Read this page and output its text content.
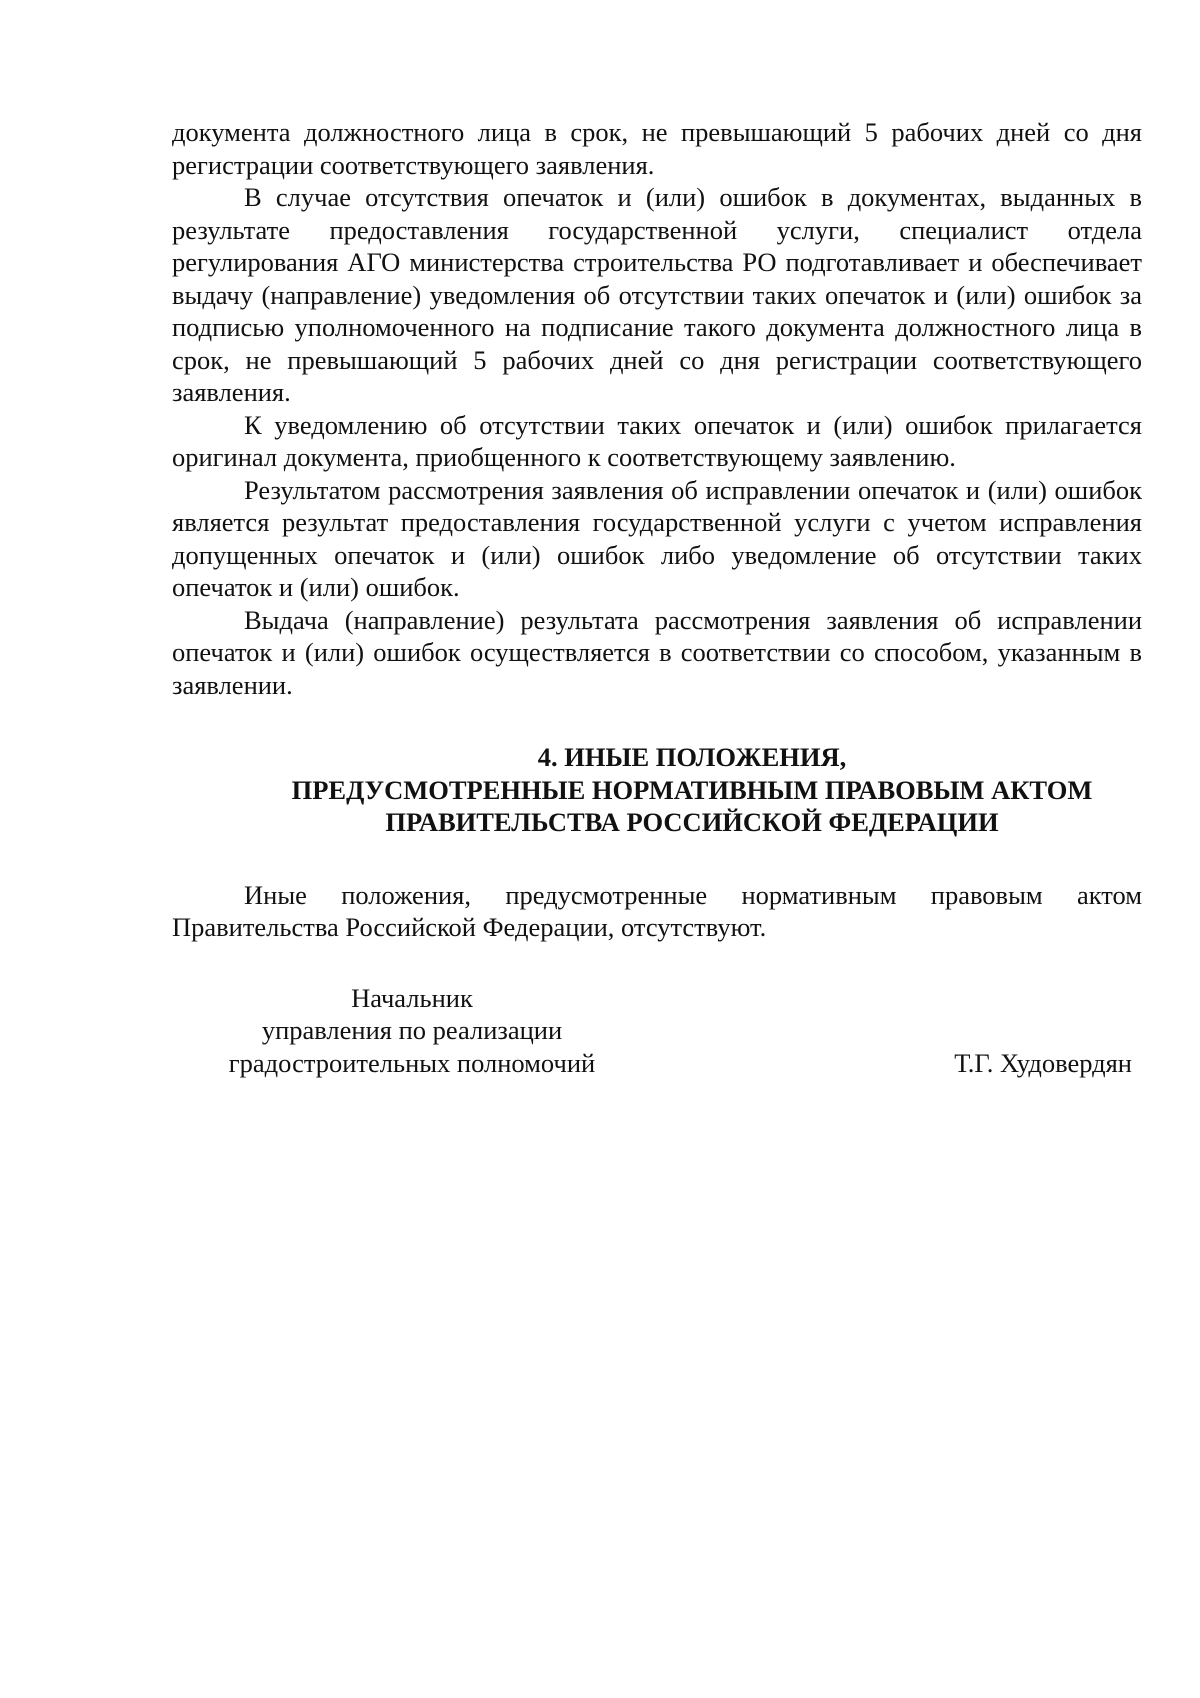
документа должностного лица в срок, не превышающий 5 рабочих дней со дня регистрации соответствующего заявления.

В случае отсутствия опечаток и (или) ошибок в документах, выданных в результате предоставления государственной услуги, специалист отдела регулирования АГО министерства строительства РО подготавливает и обеспечивает выдачу (направление) уведомления об отсутствии таких опечаток и (или) ошибок за подписью уполномоченного на подписание такого документа должностного лица в срок, не превышающий 5 рабочих дней со дня регистрации соответствующего заявления.

К уведомлению об отсутствии таких опечаток и (или) ошибок прилагается оригинал документа, приобщенного к соответствующему заявлению.

Результатом рассмотрения заявления об исправлении опечаток и (или) ошибок является результат предоставления государственной услуги с учетом исправления допущенных опечаток и (или) ошибок либо уведомление об отсутствии таких опечаток и (или) ошибок.

Выдача (направление) результата рассмотрения заявления об исправлении опечаток и (или) ошибок осуществляется в соответствии со способом, указанным в заявлении.

4. ИНЫЕ ПОЛОЖЕНИЯ,
ПРЕДУСМОТРЕННЫЕ НОРМАТИВНЫМ ПРАВОВЫМ АКТОМ
ПРАВИТЕЛЬСТВА РОССИЙСКОЙ ФЕДЕРАЦИИ

Иные положения, предусмотренные нормативным правовым актом Правительства Российской Федерации, отсутствуют.

Начальник
управления по реализации
градостроительных полномочий	Т.Г. Худовердян
